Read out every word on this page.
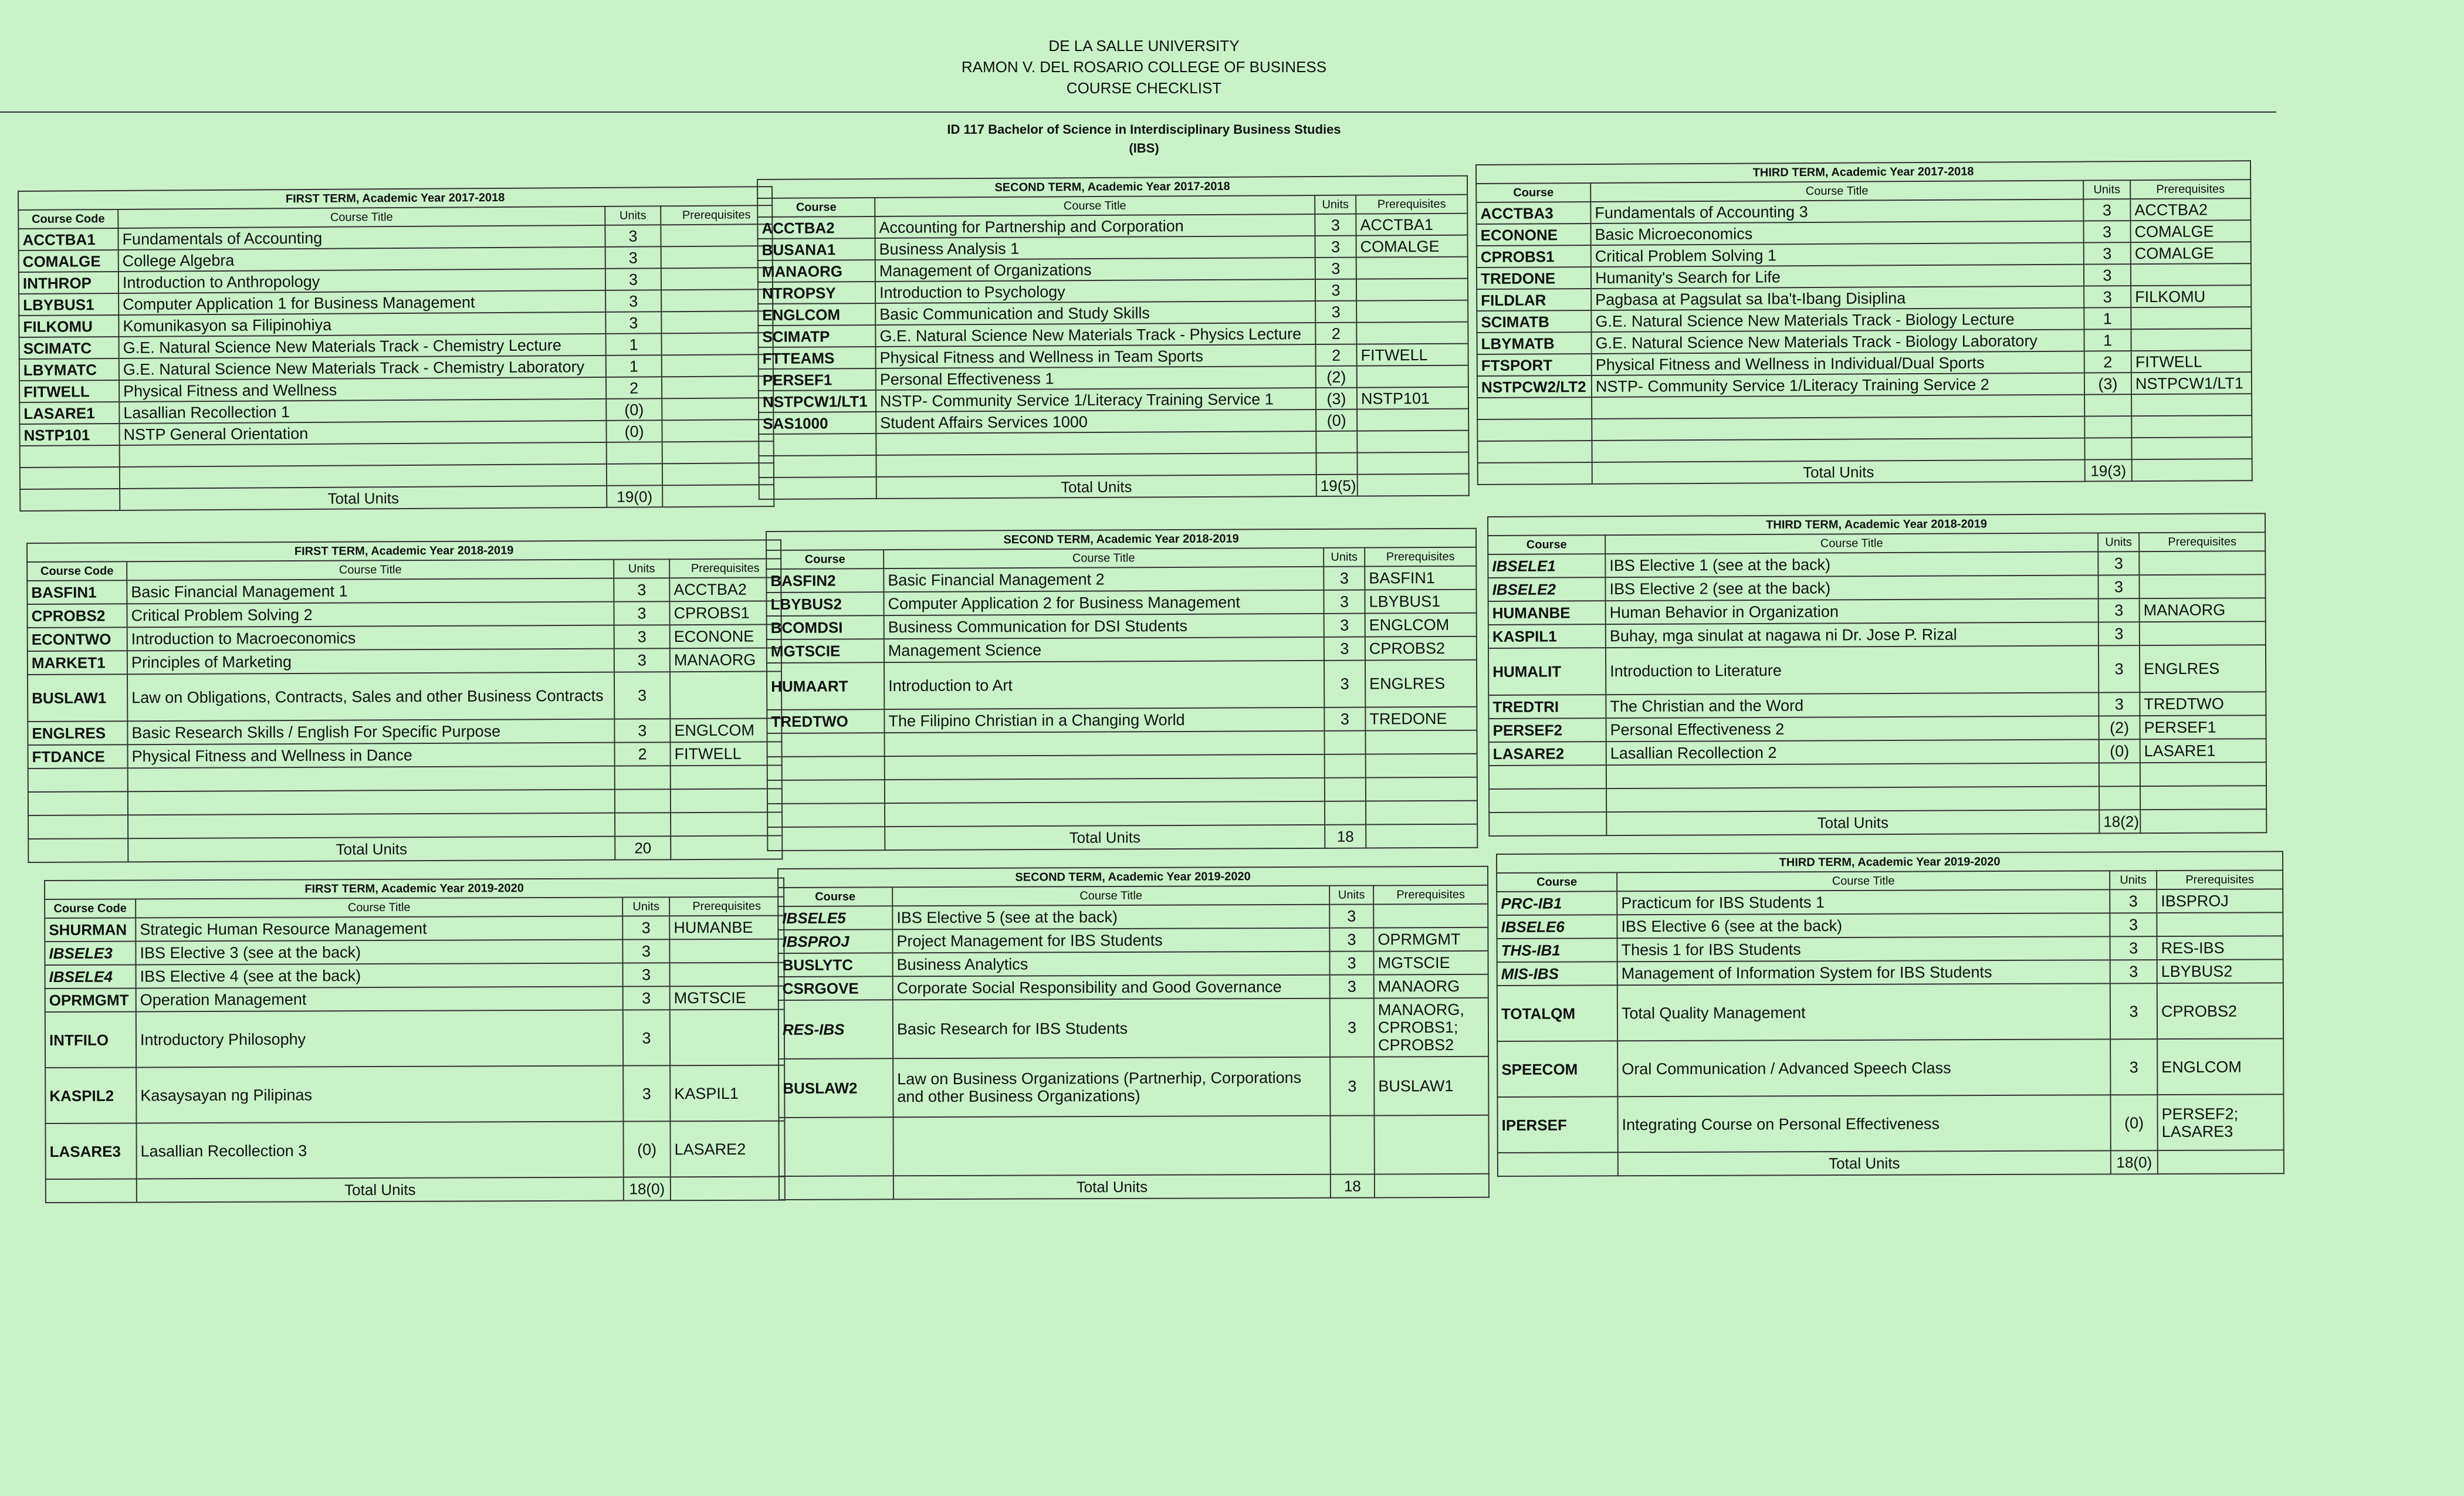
DE LA SALLE UNIVERSITY
RAMON V. DEL ROSARIO COLLEGE OF BUSINESS
COURSE CHECKLIST
ID 117 Bachelor of Science in Interdisciplinary Business Studies
(IBS)
FIRST TERM, Academic Year 2017-2018			
Course Code	Course Title	Units	Prerequisites
ACCTBA1	Fundamentals of Accounting	3	
COMALGE	College Algebra	3	
INTHROP	Introduction to Anthropology	3	
LBYBUS1	Computer Application 1 for Business Management	3	
FILKOMU	Komunikasyon sa Filipinohiya	3	
SCIMATC	G.E. Natural Science New Materials Track - Chemistry Lecture	1	
LBYMATC	G.E. Natural Science New Materials Track - Chemistry Laboratory	1	
FITWELL	Physical Fitness and Wellness	2	
LASARE1	Lasallian Recollection 1	(0)	
NSTP101	NSTP General Orientation	(0)	

	Total Units	19(0)	
SECOND TERM, Academic Year 2017-2018			
Course	Course Title	Units	Prerequisites
ACCTBA2	Accounting for Partnership and Corporation	3	ACCTBA1
BUSANA1	Business Analysis 1	3	COMALGE
MANAORG	Management of Organizations	3	
NTROPSY	Introduction to Psychology	3	
ENGLCOM	Basic Communication and Study Skills	3	
SCIMATP	G.E. Natural Science New Materials Track - Physics Lecture	2	
FTTEAMS	Physical Fitness and Wellness in Team Sports	2	FITWELL
PERSEF1	Personal Effectiveness 1	(2)	
NSTPCW1/LT1	NSTP- Community Service 1/Literacy Training Service 1	(3)	NSTP101
SAS1000	Student Affairs Services 1000	(0)	

	Total Units	19(5)	
THIRD TERM, Academic Year 2017-2018			
Course	Course Title	Units	Prerequisites
ACCTBA3	Fundamentals of Accounting 3	3	ACCTBA2
ECONONE	Basic Microeconomics	3	COMALGE
CPROBS1	Critical Problem Solving 1	3	COMALGE
TREDONE	Humanity's Search for Life	3	
FILDLAR	Pagbasa at Pagsulat sa Iba't-Ibang Disiplina	3	FILKOMU
SCIMATB	G.E. Natural Science New Materials Track - Biology Lecture	1	
LBYMATB	G.E. Natural Science New Materials Track - Biology Laboratory	1	
FTSPORT	Physical Fitness and Wellness in Individual/Dual Sports	2	FITWELL
NSTPCW2/LT2	NSTP- Community Service 1/Literacy Training Service 2	(3)	NSTPCW1/LT1

	Total Units	19(3)	
FIRST TERM, Academic Year 2018-2019			
Course Code	Course Title	Units	Prerequisites
BASFIN1	Basic Financial Management 1	3	ACCTBA2
CPROBS2	Critical Problem Solving 2	3	CPROBS1
ECONTWO	Introduction to Macroeconomics	3	ECONONE
MARKET1	Principles of Marketing	3	MANAORG
BUSLAW1	Law on Obligations, Contracts, Sales and other Business Contracts	3	
ENGLRES	Basic Research Skills / English For Specific Purpose	3	ENGLCOM
FTDANCE	Physical Fitness and Wellness in Dance	2	FITWELL

	Total Units	20	
SECOND TERM, Academic Year 2018-2019			
Course	Course Title	Units	Prerequisites
BASFIN2	Basic Financial Management 2	3	BASFIN1
LBYBUS2	Computer Application 2 for Business Management	3	LBYBUS1
BCOMDSI	Business Communication for DSI Students	3	ENGLCOM
MGTSCIE	Management Science	3	CPROBS2
HUMAART	Introduction to Art	3	ENGLRES
TREDTWO	The Filipino Christian in a Changing World	3	TREDONE

	Total Units	18	
THIRD TERM, Academic Year 2018-2019			
Course	Course Title	Units	Prerequisites
IBSELE1	IBS Elective 1 (see at the back)	3	
IBSELE2	IBS Elective 2 (see at the back)	3	
HUMANBE	Human Behavior in Organization	3	MANAORG
KASPIL1	Buhay, mga sinulat at nagawa ni Dr. Jose P. Rizal	3	
HUMALIT	Introduction to Literature	3	ENGLRES
TREDTRI	The Christian and the Word	3	TREDTWO
PERSEF2	Personal Effectiveness 2	(2)	PERSEF1
LASARE2	Lasallian Recollection 2	(0)	LASARE1

	Total Units	18(2)	
FIRST TERM, Academic Year 2019-2020			
Course Code	Course Title	Units	Prerequisites
SHURMAN	Strategic Human Resource Management	3	HUMANBE
IBSELE3	IBS Elective 3 (see at the back)	3	
IBSELE4	IBS Elective 4 (see at the back)	3	
OPRMGMT	Operation Management	3	MGTSCIE
INTFILO	Introductory Philosophy	3	
KASPIL2	Kasaysayan ng Pilipinas	3	KASPIL1
LASARE3	Lasallian Recollection 3	(0)	LASARE2
	Total Units	18(0)	
SECOND TERM, Academic Year 2019-2020			
Course	Course Title	Units	Prerequisites
IBSELE5	IBS Elective 5 (see at the back)	3	
IBSPROJ	Project Management for IBS Students	3	OPRMGMT
BUSLYTC	Business Analytics	3	MGTSCIE
CSRGOVE	Corporate Social Responsibility and Good Governance	3	MANAORG
RES-IBS	Basic Research for IBS Students	3	MANAORG, CPROBS1; CPROBS2
BUSLAW2	Law on Business Organizations (Partnerhip, Corporations and other Business Organizations)	3	BUSLAW1

	Total Units	18	
THIRD TERM, Academic Year 2019-2020			
Course	Course Title	Units	Prerequisites
PRC-IB1	Practicum for IBS Students 1	3	IBSPROJ
IBSELE6	IBS Elective 6 (see at the back)	3	
THS-IB1	Thesis 1 for IBS Students	3	RES-IBS
MIS-IBS	Management of Information System for IBS Students	3	LBYBUS2
TOTALQM	Total Quality Management	3	CPROBS2
SPEECOM	Oral Communication / Advanced Speech Class	3	ENGLCOM
IPERSEF	Integrating Course on Personal Effectiveness	(0)	PERSEF2; LASARE3
	Total Units	18(0)	
